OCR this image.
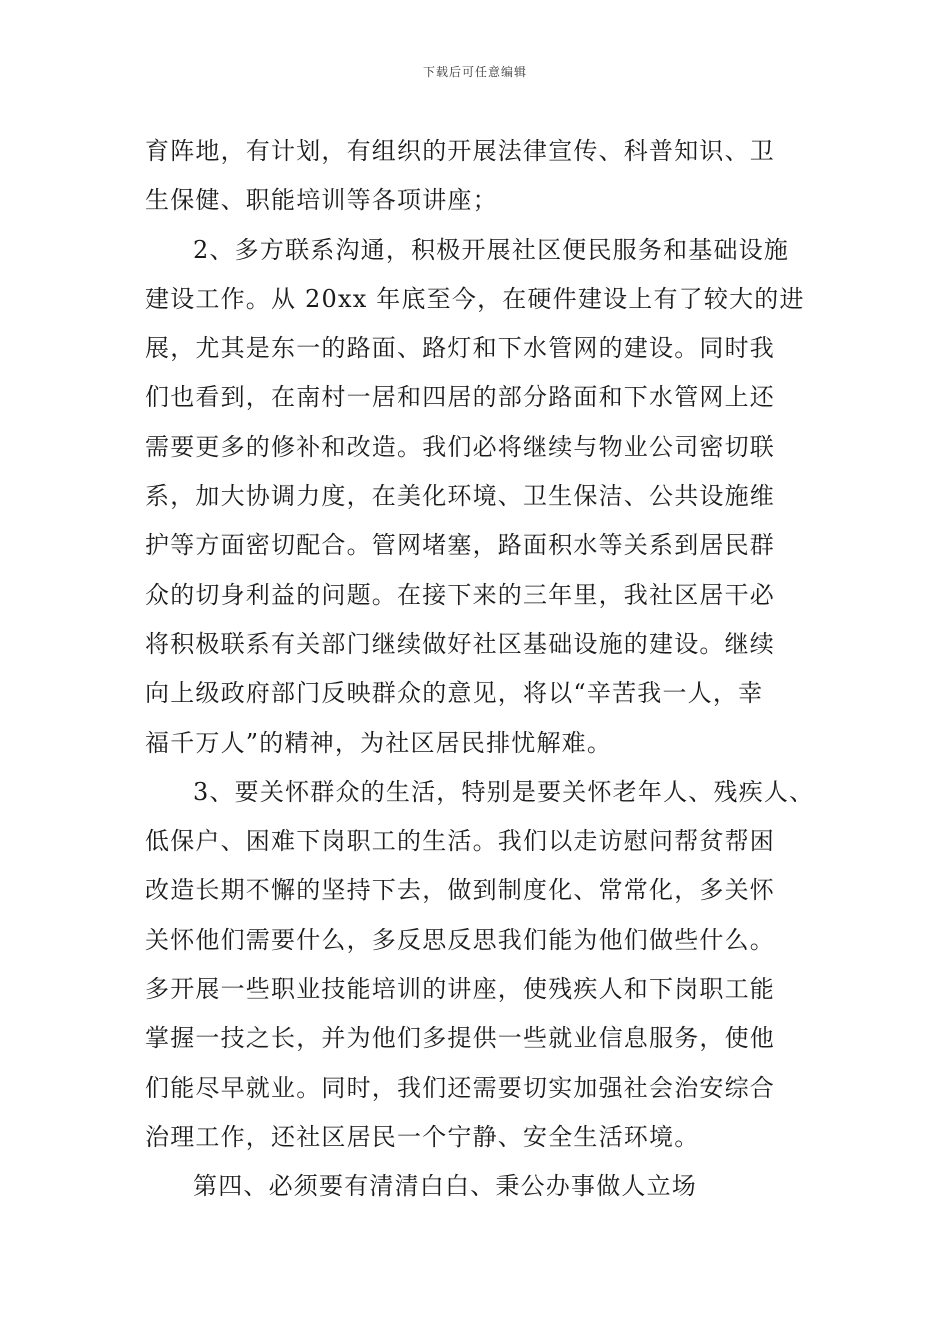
下载后可任意编辑
育阵地，有计划，有组织的开展法律宣传、科普知识、卫
生保健、职能培训等各项讲座；
2、多方联系沟通，积极开展社区便民服务和基础设施
建设工作。从 20xx 年底至今，在硬件建设上有了较大的进
展，尤其是东一的路面、路灯和下水管网的建设。同时我
们也看到，在南村一居和四居的部分路面和下水管网上还
需要更多的修补和改造。我们必将继续与物业公司密切联
系，加大协调力度，在美化环境、卫生保洁、公共设施维
护等方面密切配合。管网堵塞，路面积水等关系到居民群
众的切身利益的问题。在接下来的三年里，我社区居干必
将积极联系有关部门继续做好社区基础设施的建设。继续
向上级政府部门反映群众的意见，将以“辛苦我一人，幸
福千万人”的精神，为社区居民排忧解难。
3、要关怀群众的生活，特别是要关怀老年人、残疾人、
低保户、困难下岗职工的生活。我们以走访慰问帮贫帮困
改造长期不懈的坚持下去，做到制度化、常常化，多关怀
关怀他们需要什么，多反思反思我们能为他们做些什么。
多开展一些职业技能培训的讲座，使残疾人和下岗职工能
掌握一技之长，并为他们多提供一些就业信息服务，使他
们能尽早就业。同时，我们还需要切实加强社会治安综合
治理工作，还社区居民一个宁静、安全生活环境。
第四、必须要有清清白白、秉公办事做人立场
